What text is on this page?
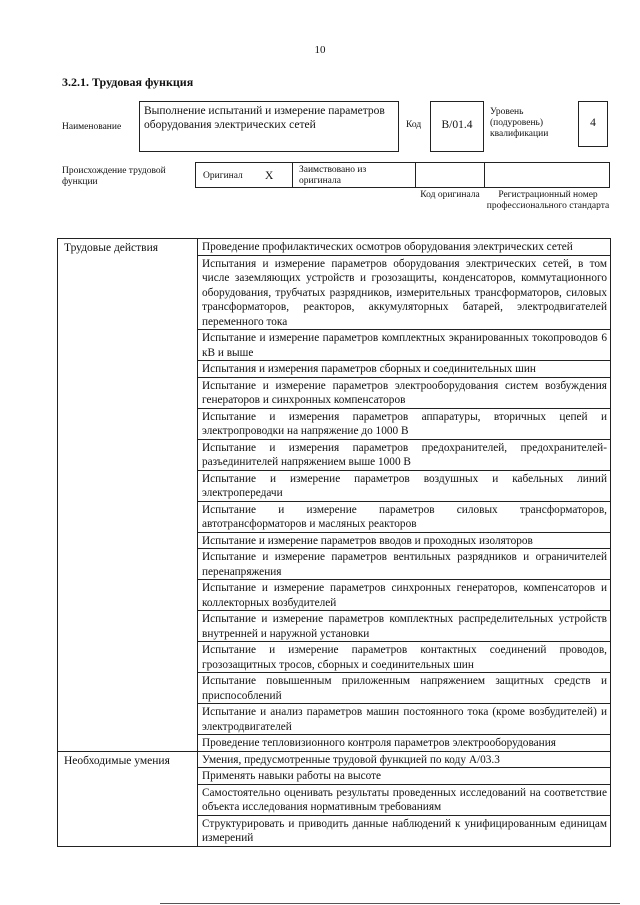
10
3.2.1. Трудовая функция
Наименование
Выполнение испытаний и измерение параметров оборудования электрических сетей	Код	B/01.4
Уровень (подуровень) квалификации
4
Происхождение трудовой функции
Оригинал X	Заимствовано из оригинала
Код оригинала	Регистрационный номер профессионального стандарта
Трудовые действия	Проведение профилактических осмотров оборудования электрических сетей
	Испытания и измерение параметров оборудования электрических сетей, в том числе заземляющих устройств и грозозащиты, конденсаторов, коммутационного оборудования, трубчатых разрядников, измерительных трансформаторов, силовых трансформаторов, реакторов, аккумуляторных батарей, электродвигателей переменного тока
	Испытание и измерение параметров комплектных экранированных токопроводов 6 кВ и выше
	Испытания и измерения параметров сборных и соединительных шин
	Испытание и измерение параметров электрооборудования систем возбуждения генераторов и синхронных компенсаторов
	Испытание и измерения параметров аппаратуры, вторичных цепей и электропроводки на напряжение до 1000 В
	Испытание и измерения параметров предохранителей, предохранителей-разъединителей напряжением выше 1000 В
	Испытание и измерение параметров воздушных и кабельных линий электропередачи
	Испытание и измерение параметров силовых трансформаторов, автотрансформаторов и масляных реакторов
	Испытание и измерение параметров вводов и проходных изоляторов
	Испытание и измерение параметров вентильных разрядников и ограничителей перенапряжения
	Испытание и измерение параметров синхронных генераторов, компенсаторов и коллекторных возбудителей
	Испытание и измерение параметров комплектных распределительных устройств внутренней и наружной установки
	Испытание и измерение параметров контактных соединений проводов, грозозащитных тросов, сборных и соединительных шин
	Испытание повышенным приложенным напряжением защитных средств и приспособлений
	Испытание и анализ параметров машин постоянного тока (кроме возбудителей) и электродвигателей
	Проведение тепловизионного контроля параметров электрооборудования
Необходимые умения	Умения, предусмотренные трудовой функцией по коду A/03.3
	Применять навыки работы на высоте
	Самостоятельно оценивать результаты проведенных исследований на соответствие объекта исследования нормативным требованиям
	Структурировать и приводить данные наблюдений к унифицированным единицам измерений
